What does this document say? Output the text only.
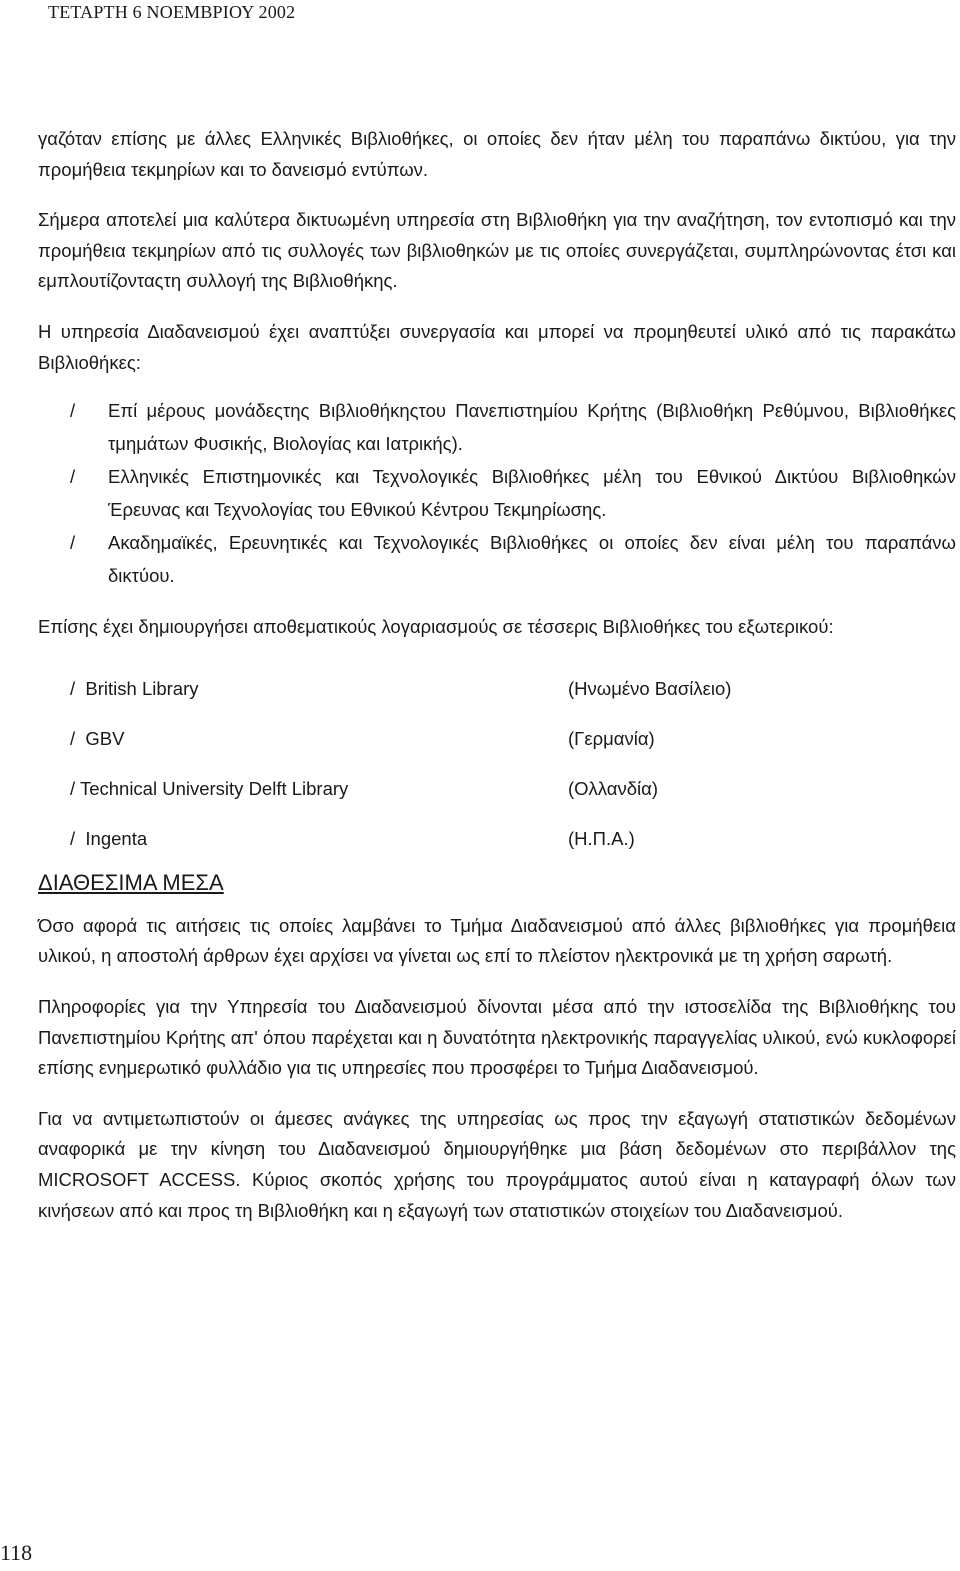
ΤΕΤΑΡΤΗ 6 ΝΟΕΜΒΡΙΟΥ 2002

γαζόταν επίσης με άλλες Ελληνικές Βιβλιοθήκες, οι οποίες δεν ήταν μέλη του παραπάνω δικτύου, για την προμήθεια τεκμηρίων και το δανεισμό εντύπων.

Σήμερα αποτελεί μια καλύτερα δικτυωμένη υπηρεσία στη Βιβλιοθήκη για την αναζήτηση, τον εντοπισμό και την προμήθεια τεκμηρίων από τις συλλογές των βιβλιοθηκών με τις οποίες συνεργάζεται, συμπληρώνοντας έτσι και εμπλουτίζονταςτη συλλογή της Βιβλιοθήκης.

Η υπηρεσία Διαδανεισμού έχει αναπτύξει συνεργασία και μπορεί να προμηθευτεί υλικό από τις παρακάτω Βιβλιοθήκες:

/ Επί μέρους μονάδεςτης Βιβλιοθήκηςτου Πανεπιστημίου Κρήτης (Βιβλιοθήκη Ρεθύμνου, Βιβλιοθήκες τμημάτων Φυσικής, Βιολογίας και Ιατρικής).
/ Ελληνικές Επιστημονικές και Τεχνολογικές Βιβλιοθήκες μέλη του Εθνικού Δικτύου Βιβλιοθηκών Έρευνας και Τεχνολογίας του Εθνικού Κέντρου Τεκμηρίωσης.
/ Ακαδημαϊκές, Ερευνητικές και Τεχνολογικές Βιβλιοθήκες οι οποίες δεν είναι μέλη του παραπάνω δικτύου.

Επίσης έχει δημιουργήσει αποθεματικούς λογαριασμούς σε τέσσερις Βιβλιοθήκες του εξωτερικού:

/ British Library	(Ηνωμένο Βασίλειο)
/ GBV	(Γερμανία)
/ Technical University Delft Library	(Ολλανδία)
/ Ingenta	(Η.Π.Α.)
ΔΙΑΘΕΣΙΜΑ ΜΕΣΑ

Όσο αφορά τις αιτήσεις τις οποίες λαμβάνει το Τμήμα Διαδανεισμού από άλλες βιβλιοθήκες για προμήθεια υλικού, η αποστολή άρθρων έχει αρχίσει να γίνεται ως επί το πλείστον ηλεκτρονικά με τη χρήση σαρωτή.

Πληροφορίες για την Υπηρεσία του Διαδανεισμού δίνονται μέσα από την ιστοσελίδα της Βιβλιοθήκης του Πανεπιστημίου Κρήτης απ' όπου παρέχεται και η δυνατότητα ηλεκτρονικής παραγγελίας υλικού, ενώ κυκλοφορεί επίσης ενημερωτικό φυλλάδιο για τις υπηρεσίες που προσφέρει το Τμήμα Διαδανεισμού.

Για να αντιμετωπιστούν οι άμεσες ανάγκες της υπηρεσίας ως προς την εξαγωγή στατιστικών δεδομένων αναφορικά με την κίνηση του Διαδανεισμού δημιουργήθηκε μια βάση δεδομένων στο περιβάλλον της MICROSOFT ACCESS. Κύριος σκοπός χρήσης του προγράμματος αυτού είναι η καταγραφή όλων των κινήσεων από και προς τη Βιβλιοθήκη και η εξαγωγή των στατιστικών στοιχείων του Διαδανεισμού.

118
